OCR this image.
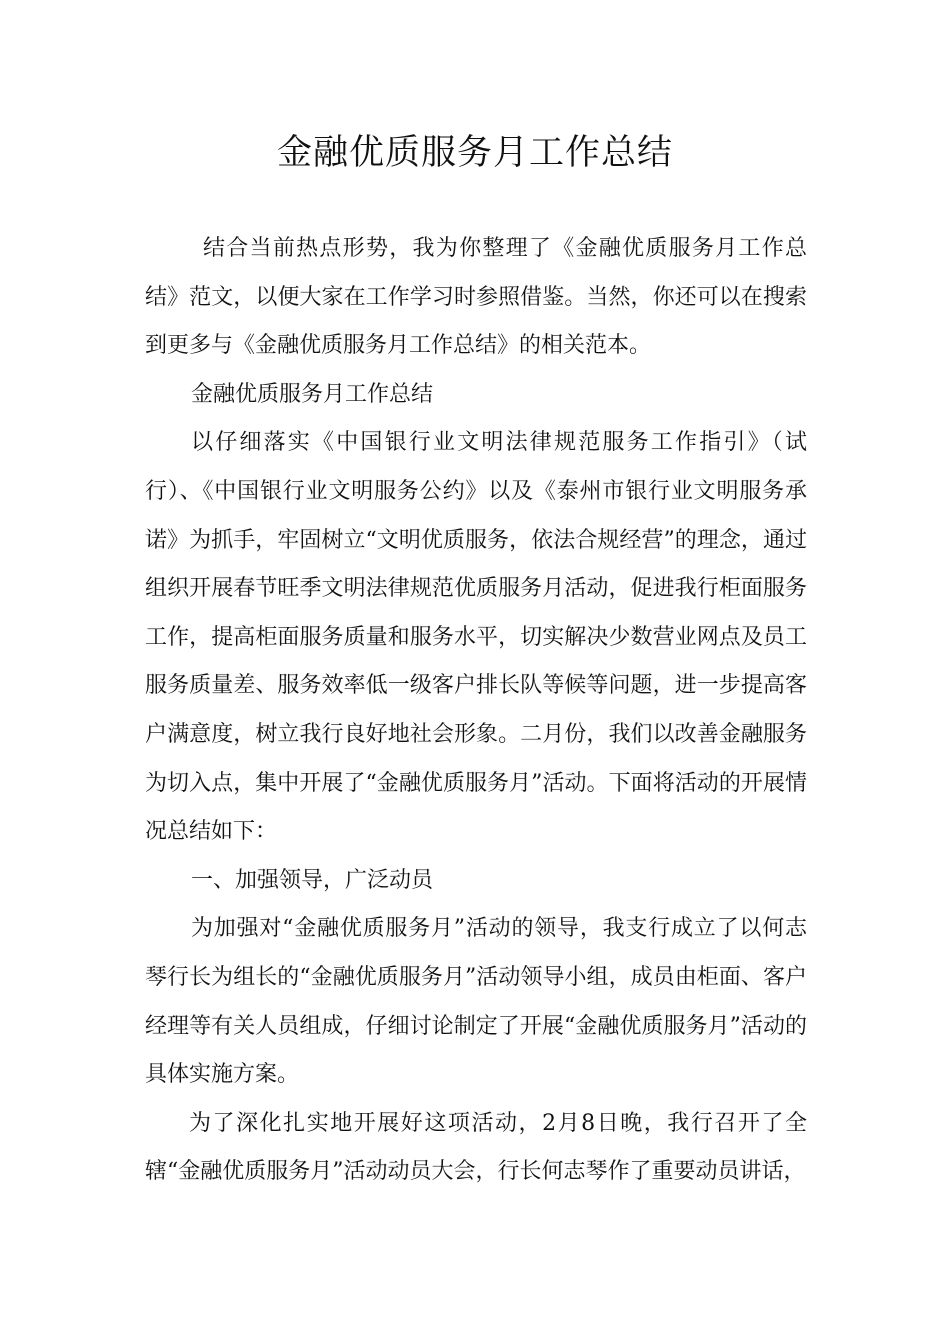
金融优质服务月工作总结

结合当前热点形势，我为你整理了《金融优质服务月工作总结》范文，以便大家在工作学习时参照借鉴。当然，你还可以在搜索到更多与《金融优质服务月工作总结》的相关范本。

金融优质服务月工作总结

以仔细落实《中国银行业文明法律规范服务工作指引》（试行）、《中国银行业文明服务公约》以及《泰州市银行业文明服务承诺》为抓手，牢固树立“文明优质服务，依法合规经营”的理念，通过组织开展春节旺季文明法律规范优质服务月活动，促进我行柜面服务工作，提高柜面服务质量和服务水平，切实解决少数营业网点及员工服务质量差、服务效率低一级客户排长队等候等问题，进一步提高客户满意度，树立我行良好地社会形象。二月份，我们以改善金融服务为切入点，集中开展了“金融优质服务月”活动。下面将活动的开展情况总结如下：

一、加强领导，广泛动员

为加强对“金融优质服务月”活动的领导，我支行成立了以何志琴行长为组长的“金融优质服务月”活动领导小组，成员由柜面、客户经理等有关人员组成，仔细讨论制定了开展“金融优质服务月”活动的具体实施方案。

为了深化扎实地开展好这项活动，2月8日晚，我行召开了全辖“金融优质服务月”活动动员大会，行长何志琴作了重要动员讲话，
